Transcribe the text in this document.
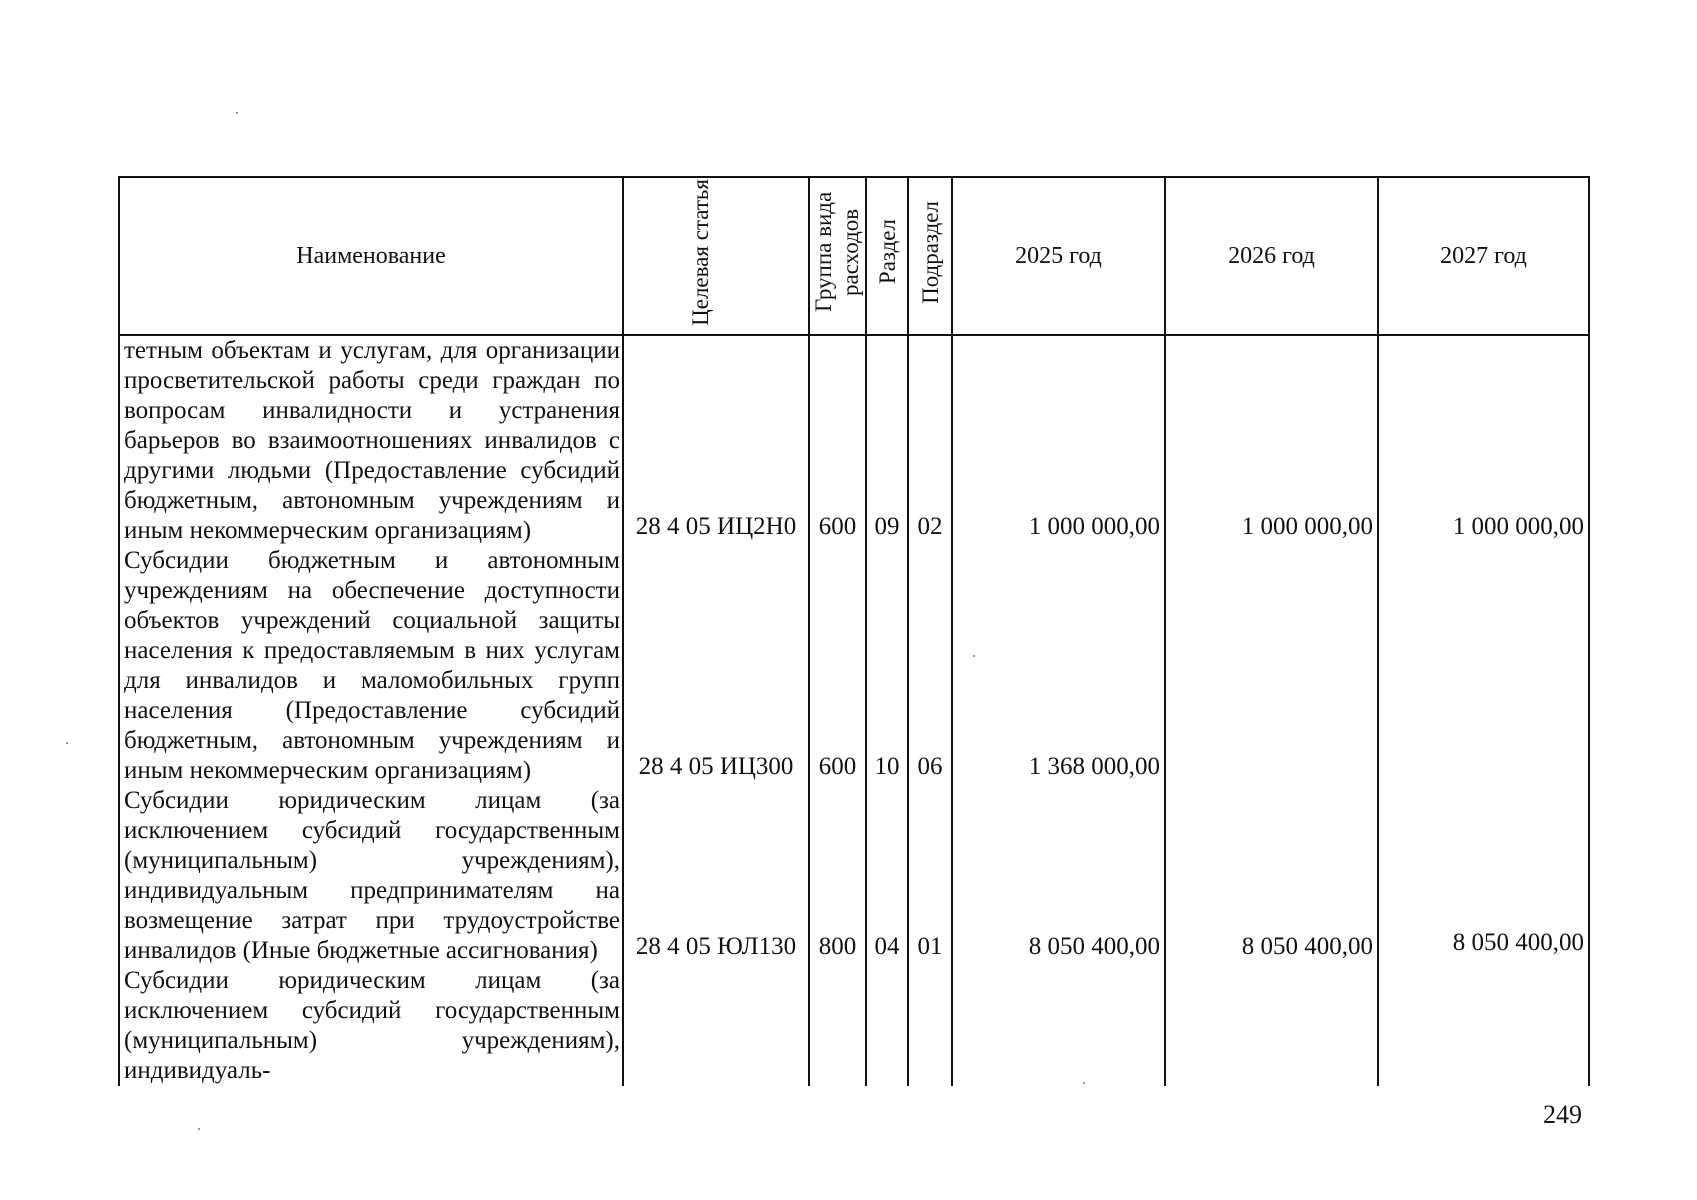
Наименование	Целевая статья	Группа вида расходов	Раздел	Подраздел	2025 год	2026 год	2027 год
тетным объектам и услугам, для организации просветительской работы среди граждан по вопросам инвалидности и устранения барьеров во взаимоотношениях инвалидов с другими людьми (Предоставление субсидий бюджетным, автономным учреждениям и иным некоммерческим организациям)	28 4 05 ИЦ2Н0	600	09	02	1 000 000,00	1 000 000,00	1 000 000,00
Субсидии бюджетным и автономным учреждениям на обеспечение доступности объектов учреждений социальной защиты населения к предоставляемым в них услугам для инвалидов и маломобильных групп населения (Предоставление субсидий бюджетным, автономным учреждениям и иным некоммерческим организациям)	28 4 05 ИЦ300	600	10	06	1 368 000,00		
Субсидии юридическим лицам (за исключением субсидий государственным (муниципальным) учреждениям), индивидуальным предпринимателям на возмещение затрат при трудоустройстве инвалидов (Иные бюджетные ассигнования)	28 4 05 ЮЛ130	800	04	01	8 050 400,00	8 050 400,00	8 050 400,00
Субсидии юридическим лицам (за исключением субсидий государственным (муниципальным) учреждениям), индивидуаль-							
249
